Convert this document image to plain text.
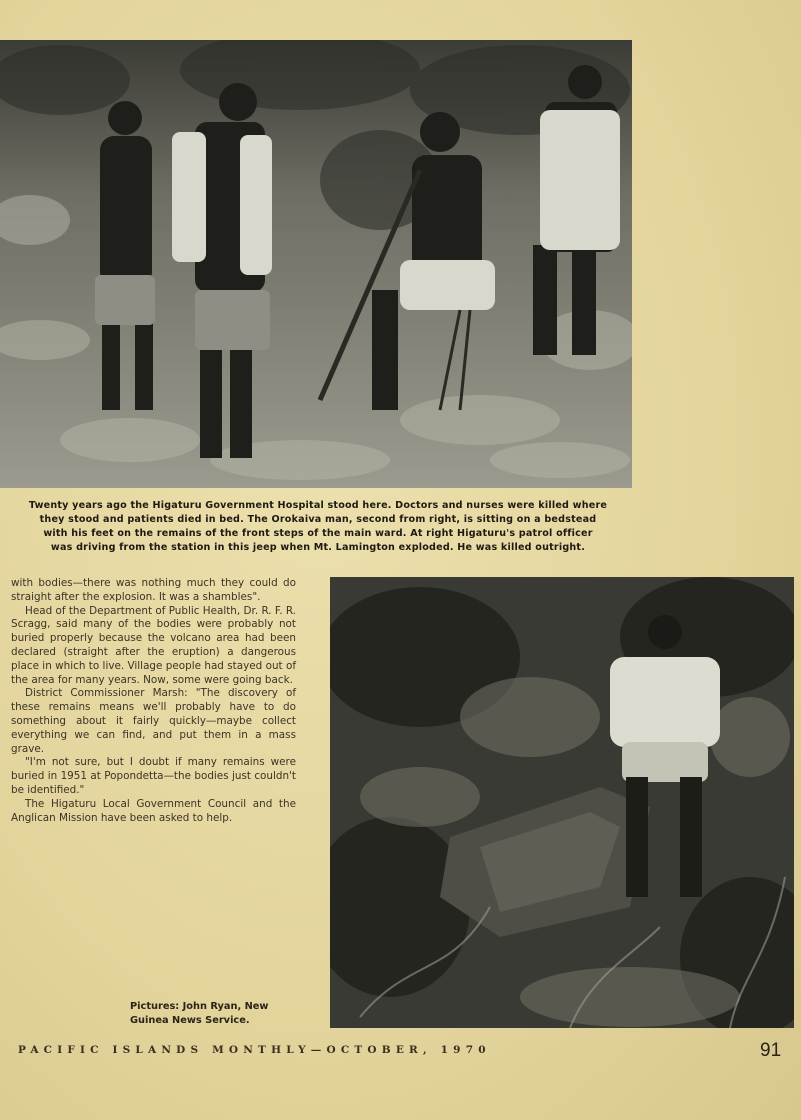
Twenty years ago the Higaturu Government Hospital stood here. Doctors and nurses were killed where
they stood and patients died in bed. The Orokaiva man, second from right, is sitting on a bedstead
with his feet on the remains of the front steps of the main ward. At right Higaturu's patrol officer
was driving from the station in this jeep when Mt. Lamington exploded. He was killed outright.

with bodies—there was nothing much they could do straight after the explosion. It was a shambles".

Head of the Department of Public Health, Dr. R. F. R. Scragg, said many of the bodies were probably not buried properly because the volcano area had been declared (straight after the eruption) a dangerous place in which to live. Village people had stayed out of the area for many years. Now, some were going back.

District Commissioner Marsh: "The discovery of these remains means we'll probably have to do something about it fairly quickly—maybe collect everything we can find, and put them in a mass grave.

"I'm not sure, but I doubt if many remains were buried in 1951 at Popondetta—the bodies just couldn't be identified."

The Higaturu Local Government Council and the Anglican Mission have been asked to help.

Pictures: John Ryan, New
Guinea News Service.
PACIFIC ISLANDS MONTHLY—OCTOBER, 1970	91
